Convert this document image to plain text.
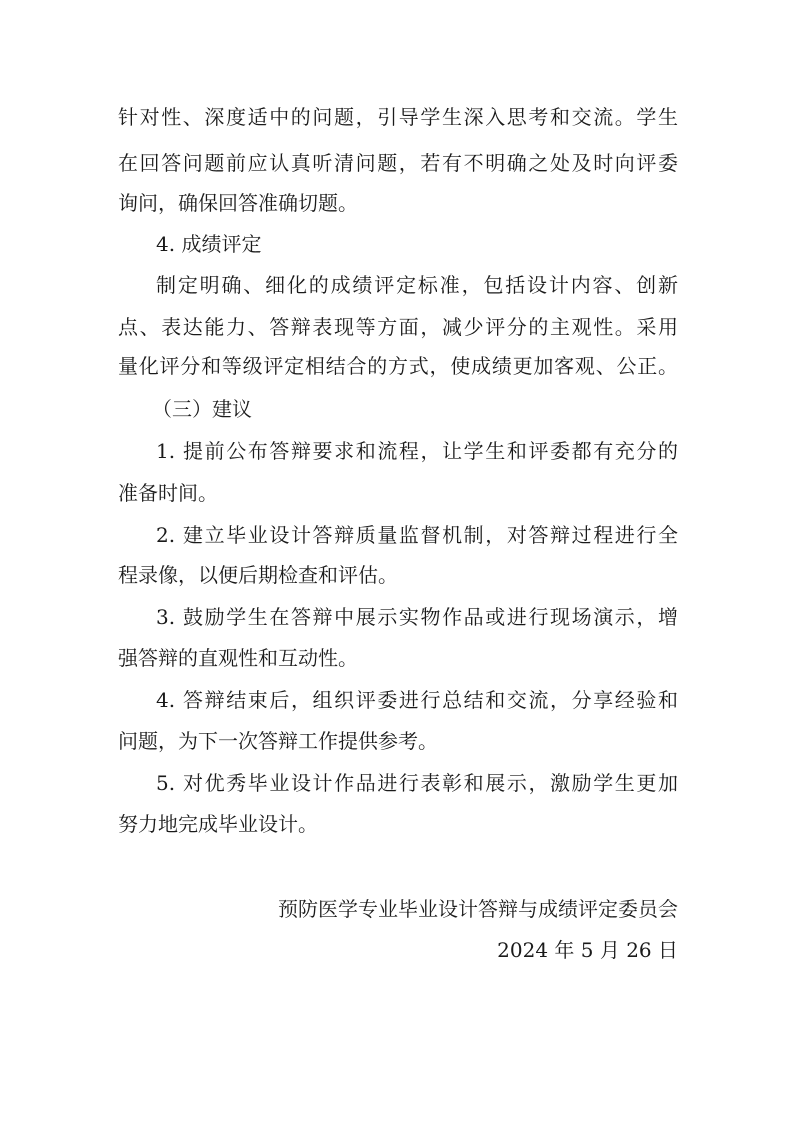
针对性、深度适中的问题，引导学生深入思考和交流。学生
在回答问题前应认真听清问题，若有不明确之处及时向评委
询问，确保回答准确切题。
4. 成绩评定
制定明确、细化的成绩评定标准，包括设计内容、创新
点、表达能力、答辩表现等方面，减少评分的主观性。采用
量化评分和等级评定相结合的方式，使成绩更加客观、公正。
（三）建议
1. 提前公布答辩要求和流程，让学生和评委都有充分的
准备时间。
2. 建立毕业设计答辩质量监督机制，对答辩过程进行全
程录像，以便后期检查和评估。
3. 鼓励学生在答辩中展示实物作品或进行现场演示，增
强答辩的直观性和互动性。
4. 答辩结束后，组织评委进行总结和交流，分享经验和
问题，为下一次答辩工作提供参考。
5. 对优秀毕业设计作品进行表彰和展示，激励学生更加
努力地完成毕业设计。
预防医学专业毕业设计答辩与成绩评定委员会
2024 年 5 月 26 日
